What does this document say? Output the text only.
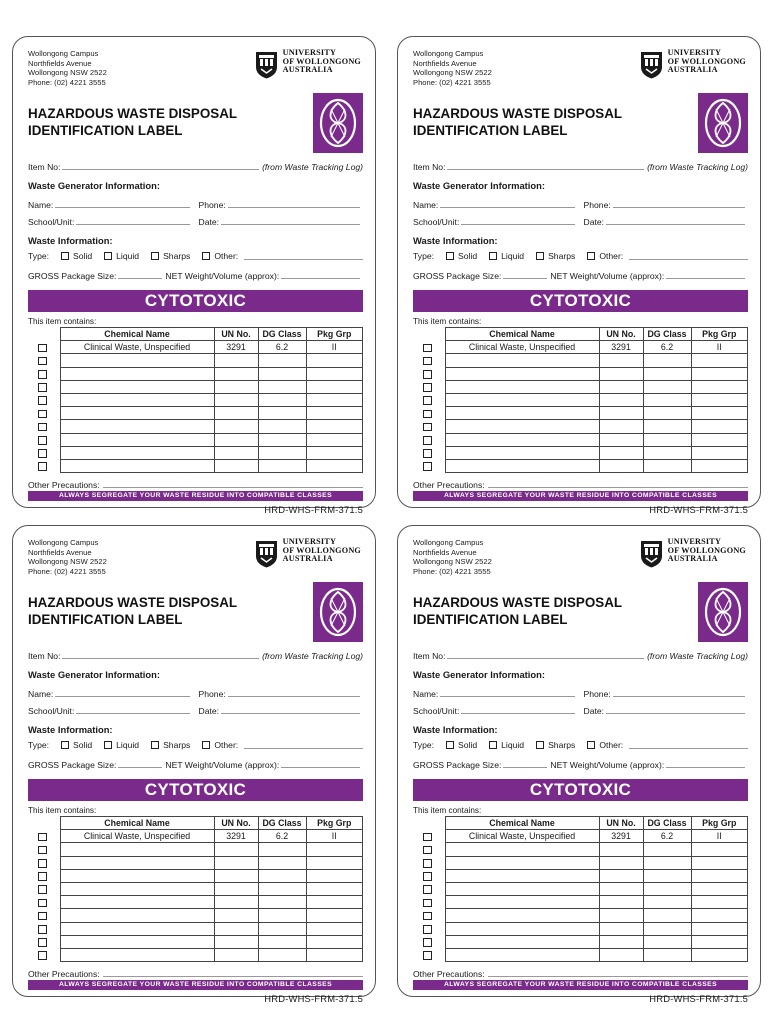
Wollongong Campus
Northfields Avenue
Wollongong NSW 2522
Phone: (02) 4221 3555
UNIVERSITY
OF WOLLONGONG
AUSTRALIA
HAZARDOUS WASTE DISPOSAL
IDENTIFICATION LABEL
Item No:	(from Waste Tracking Log)
Waste Generator Information:
Name:	Phone:
School/Unit:	Date:
Waste Information:
Type:	Solid	Liquid	Sharps	Other:
GROSS Package Size:	NET Weight/Volume (approx):
CYTOTOXIC
This item contains:
	Chemical Name	UN No.	DG Class	Pkg Grp
	Clinical Waste, Unspecified	3291	6.2	II

Other Precautions:
ALWAYS SEGREGATE YOUR WASTE RESIDUE INTO COMPATIBLE CLASSES
HRD-WHS-FRM-371.5
Wollongong Campus
Northfields Avenue
Wollongong NSW 2522
Phone: (02) 4221 3555
UNIVERSITY
OF WOLLONGONG
AUSTRALIA
HAZARDOUS WASTE DISPOSAL
IDENTIFICATION LABEL
Item No:	(from Waste Tracking Log)
Waste Generator Information:
Name:	Phone:
School/Unit:	Date:
Waste Information:
Type:	Solid	Liquid	Sharps	Other:
GROSS Package Size:	NET Weight/Volume (approx):
CYTOTOXIC
This item contains:
	Chemical Name	UN No.	DG Class	Pkg Grp
	Clinical Waste, Unspecified	3291	6.2	II

Other Precautions:
ALWAYS SEGREGATE YOUR WASTE RESIDUE INTO COMPATIBLE CLASSES
HRD-WHS-FRM-371.5
Wollongong Campus
Northfields Avenue
Wollongong NSW 2522
Phone: (02) 4221 3555
UNIVERSITY
OF WOLLONGONG
AUSTRALIA
HAZARDOUS WASTE DISPOSAL
IDENTIFICATION LABEL
Item No:	(from Waste Tracking Log)
Waste Generator Information:
Name:	Phone:
School/Unit:	Date:
Waste Information:
Type:	Solid	Liquid	Sharps	Other:
GROSS Package Size:	NET Weight/Volume (approx):
CYTOTOXIC
This item contains:
	Chemical Name	UN No.	DG Class	Pkg Grp
	Clinical Waste, Unspecified	3291	6.2	II

Other Precautions:
ALWAYS SEGREGATE YOUR WASTE RESIDUE INTO COMPATIBLE CLASSES
HRD-WHS-FRM-371.5
Wollongong Campus
Northfields Avenue
Wollongong NSW 2522
Phone: (02) 4221 3555
UNIVERSITY
OF WOLLONGONG
AUSTRALIA
HAZARDOUS WASTE DISPOSAL
IDENTIFICATION LABEL
Item No:	(from Waste Tracking Log)
Waste Generator Information:
Name:	Phone:
School/Unit:	Date:
Waste Information:
Type:	Solid	Liquid	Sharps	Other:
GROSS Package Size:	NET Weight/Volume (approx):
CYTOTOXIC
This item contains:
	Chemical Name	UN No.	DG Class	Pkg Grp
	Clinical Waste, Unspecified	3291	6.2	II

Other Precautions:
ALWAYS SEGREGATE YOUR WASTE RESIDUE INTO COMPATIBLE CLASSES
HRD-WHS-FRM-371.5
